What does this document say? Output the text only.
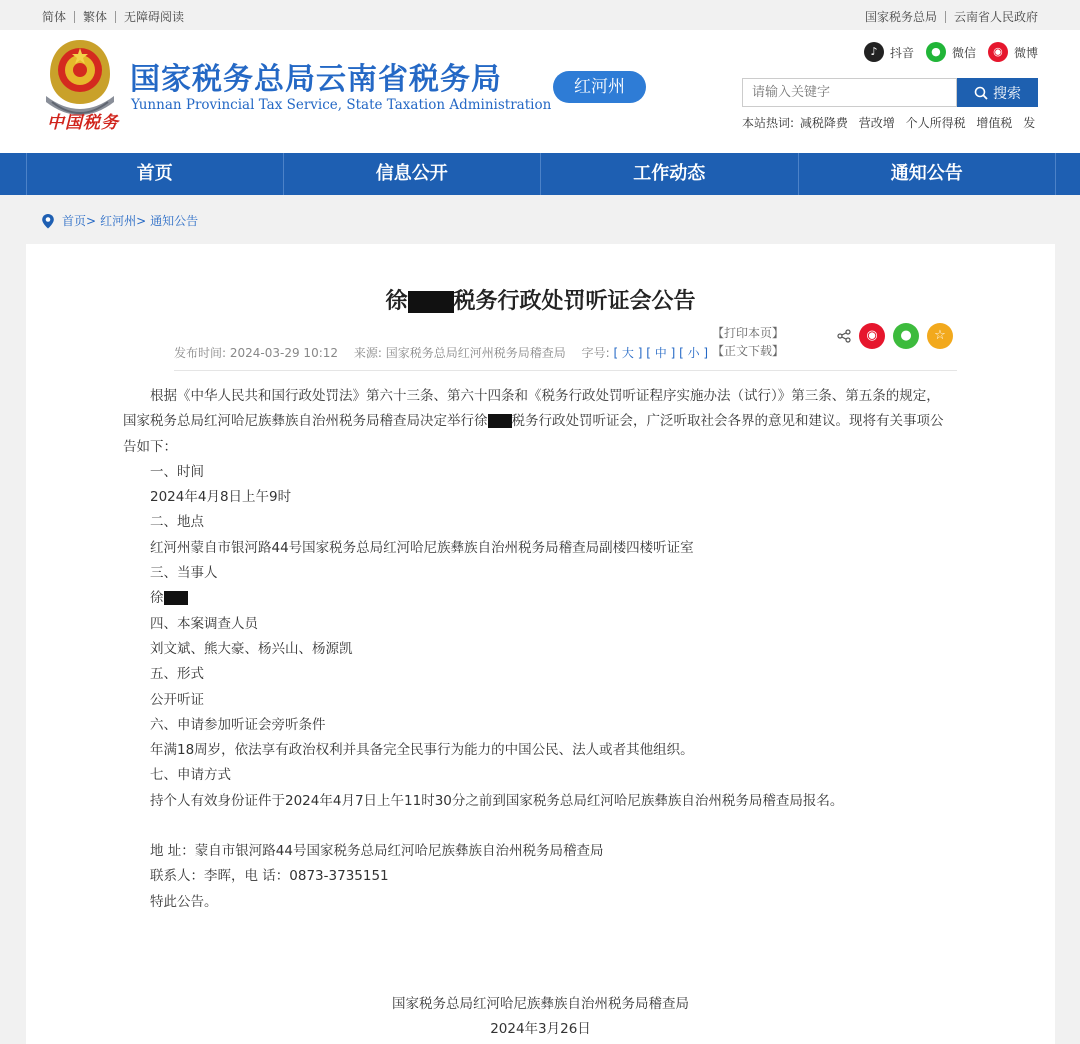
简体 繁体 无障碍阅读	国家税务总局 云南省人民政府
中国税务
国家税务总局云南省税务局
Yunnan Provincial Tax Service, State Taxation Administration
红河州
♪	抖音	● 微信	◉ 微博
请输入关键字
搜索
本站热词: 减税降费 营改增 个人所得税 增值税 发
首页	信息公开	工作动态	通知公告
首页> 红河州> 通知公告
徐 税务行政处罚听证会公告
发布时间: 2024-03-29 10:12 来源: 国家税务总局红河州税务局稽查局 字号: [ 大 ] [ 中 ] [ 小 ]
【打印本页】
【正文下载】
◉	●	☆

根据《中华人民共和国行政处罚法》第六十三条、第六十四条和《税务行政处罚听证程序实施办法（试行）》第三条、第五条的规定，国家税务总局红河哈尼族彝族自治州税务局稽查局决定举行徐 税务行政处罚听证会，广泛听取社会各界的意见和建议。现将有关事项公告如下：

一、时间

2024年4月8日上午9时

二、地点

红河州蒙自市银河路44号国家税务总局红河哈尼族彝族自治州税务局稽查局副楼四楼听证室

三、当事人

徐

四、本案调查人员

刘文斌、熊大豪、杨兴山、杨源凯

五、形式

公开听证

六、申请参加听证会旁听条件

年满18周岁，依法享有政治权利并具备完全民事行为能力的中国公民、法人或者其他组织。

七、申请方式

持个人有效身份证件于2024年4月7日上午11时30分之前到国家税务总局红河哈尼族彝族自治州税务局稽查局报名。

地 址：蒙自市银河路44号国家税务总局红河哈尼族彝族自治州税务局稽查局

联系人：李晖，电 话：0873-3735151

特此公告。

国家税务总局红河哈尼族彝族自治州税务局稽查局
2024年3月26日
